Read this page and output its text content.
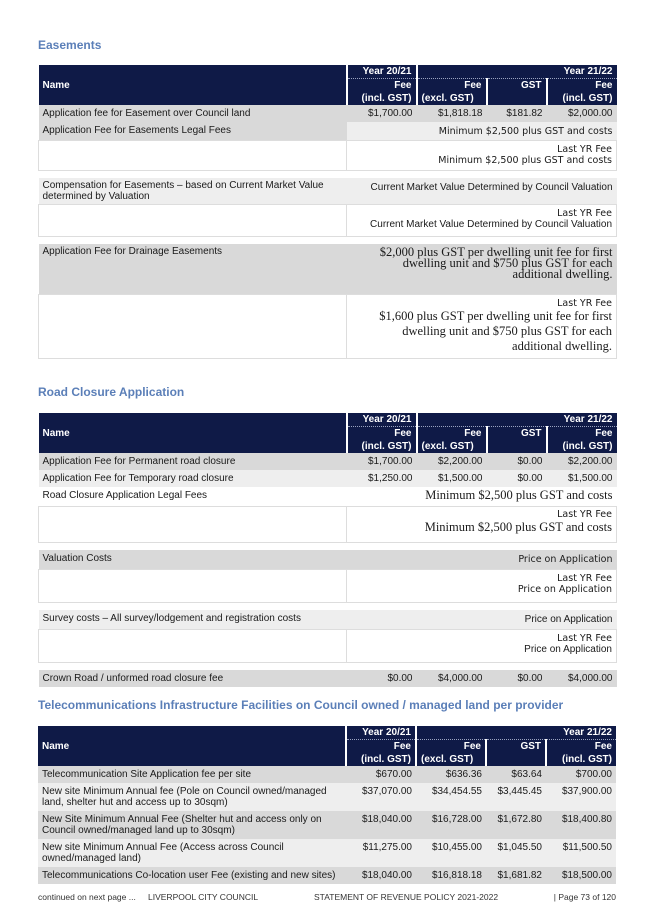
Easements
Name	Year 20/21	Year 21/22		
	Fee	Fee	GST	Fee
	(incl. GST)	(excl. GST)		(incl. GST)
Application fee for Easement over Council land	$1,700.00	$1,818.18	$181.82	$2,000.00
Application Fee for Easements Legal Fees	Minimum $2,500 plus GST and costs			

	Last YR Fee
Minimum $2,500 plus GST and costs			

Compensation for Easements – based on Current Market Value determined by Valuation	Current Market Value Determined by Council Valuation			

	Last YR Fee
Current Market Value Determined by Council Valuation			

Application Fee for Drainage Easements	$2,000 plus GST per dwelling unit fee for first dwelling unit and $750 plus GST for each additional dwelling.			

	Last YR Fee
$1,600 plus GST per dwelling unit fee for first dwelling unit and $750 plus GST for each additional dwelling.			
Road Closure Application
Name	Year 20/21	Year 21/22		
	Fee	Fee	GST	Fee
	(incl. GST)	(excl. GST)		(incl. GST)
Application Fee for Permanent road closure	$1,700.00	$2,200.00	$0.00	$2,200.00
Application Fee for Temporary road closure	$1,250.00	$1,500.00	$0.00	$1,500.00
Road Closure Application Legal Fees	Minimum $2,500 plus GST and costs			

	Last YR Fee
Minimum $2,500 plus GST and costs			

Valuation Costs	Price on Application			

	Last YR Fee
Price on Application			

Survey costs – All survey/lodgement and registration costs	Price on Application			

	Last YR Fee
Price on Application			

Crown Road / unformed road closure fee	$0.00	$4,000.00	$0.00	$4,000.00
Telecommunications Infrastructure Facilities on Council owned / managed land per provider
Name	Year 20/21	Year 21/22		
	Fee	Fee	GST	Fee
	(incl. GST)	(excl. GST)		(incl. GST)
Telecommunication Site Application fee per site	$670.00	$636.36	$63.64	$700.00
New site Minimum Annual fee (Pole on Council owned/managed land, shelter hut and access up to 30sqm)	$37,070.00	$34,454.55	$3,445.45	$37,900.00
New Site Minimum Annual Fee (Shelter hut and access only on Council owned/managed land up to 30sqm)	$18,040.00	$16,728.00	$1,672.80	$18,400.80
New site Minimum Annual Fee (Access across Council owned/managed land)	$11,275.00	$10,455.00	$1,045.50	$11,500.50
Telecommunications Co-location user Fee (existing and new sites)	$18,040.00	$16,818.18	$1,681.82	$18,500.00
continued on next page ... LIVERPOOL CITY COUNCIL	STATEMENT OF REVENUE POLICY 2021-2022	| Page 73 of 120
